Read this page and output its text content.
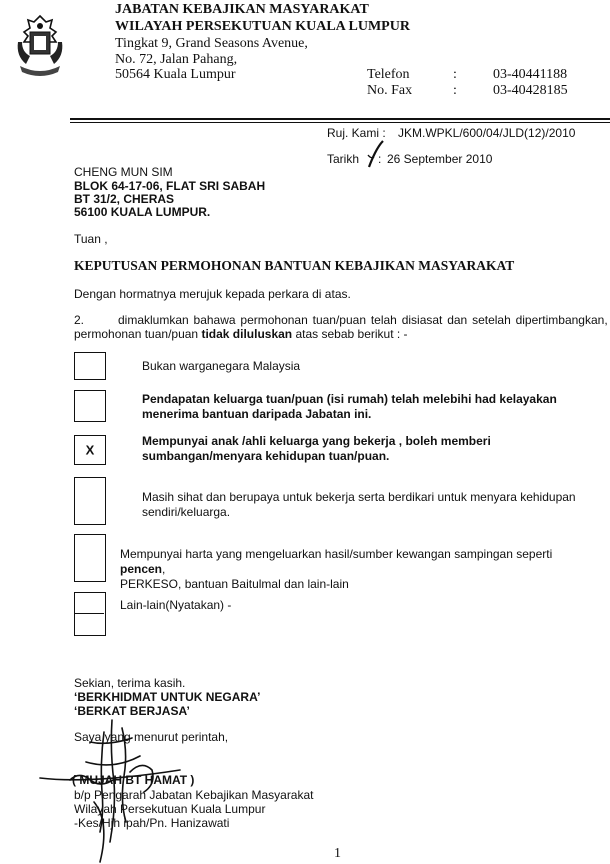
JABATAN KEBAJIKAN MASYARAKAT
WILAYAH PERSEKUTUAN KUALA LUMPUR
Tingkat 9, Grand Seasons Avenue,
No. 72, Jalan Pahang,
50564 Kuala Lumpur	Telefon	:	03-40441188
No. Fax	:	03-40428185
Ruj. Kami : JKM.WPKL/600/04/JLD(12)/2010
Tarikh : 26 September 2010
CHENG MUN SIM
BLOK 64-17-06, FLAT SRI SABAH
BT 31/2, CHERAS
56100 KUALA LUMPUR.
Tuan ,
KEPUTUSAN PERMOHONAN BANTUAN KEBAJIKAN MASYARAKAT
Dengan hormatnya merujuk kepada perkara di atas.
2.	dimaklumkan bahawa permohonan tuan/puan telah disiasat dan setelah dipertimbangkan,
permohonan tuan/puan tidak diluluskan atas sebab berikut : -
Bukan warganegara Malaysia
Pendapatan keluarga tuan/puan (isi rumah) telah melebihi had kelayakan menerima bantuan daripada Jabatan ini.
X
Mempunyai anak /ahli keluarga yang bekerja , boleh memberi sumbangan/menyara kehidupan tuan/puan.
Masih sihat dan berupaya untuk bekerja serta berdikari untuk menyara kehidupan sendiri/keluarga.
Mempunyai harta yang mengeluarkan hasil/sumber kewangan sampingan seperti pencen,
PERKESO, bantuan Baitulmal dan lain-lain
Lain-lain(Nyatakan) -
Sekian, terima kasih.
‘BERKHIDMAT UNTUK NEGARA’
‘BERKAT BERJASA’
Saya yang menurut perintah,
( MUJAH BT HAMAT )
b/p Pengarah Jabatan Kebajikan Masyarakat
Wilayah Persekutuan Kuala Lumpur
-Kes/Hjh ipah/Pn. Hanizawati
1
